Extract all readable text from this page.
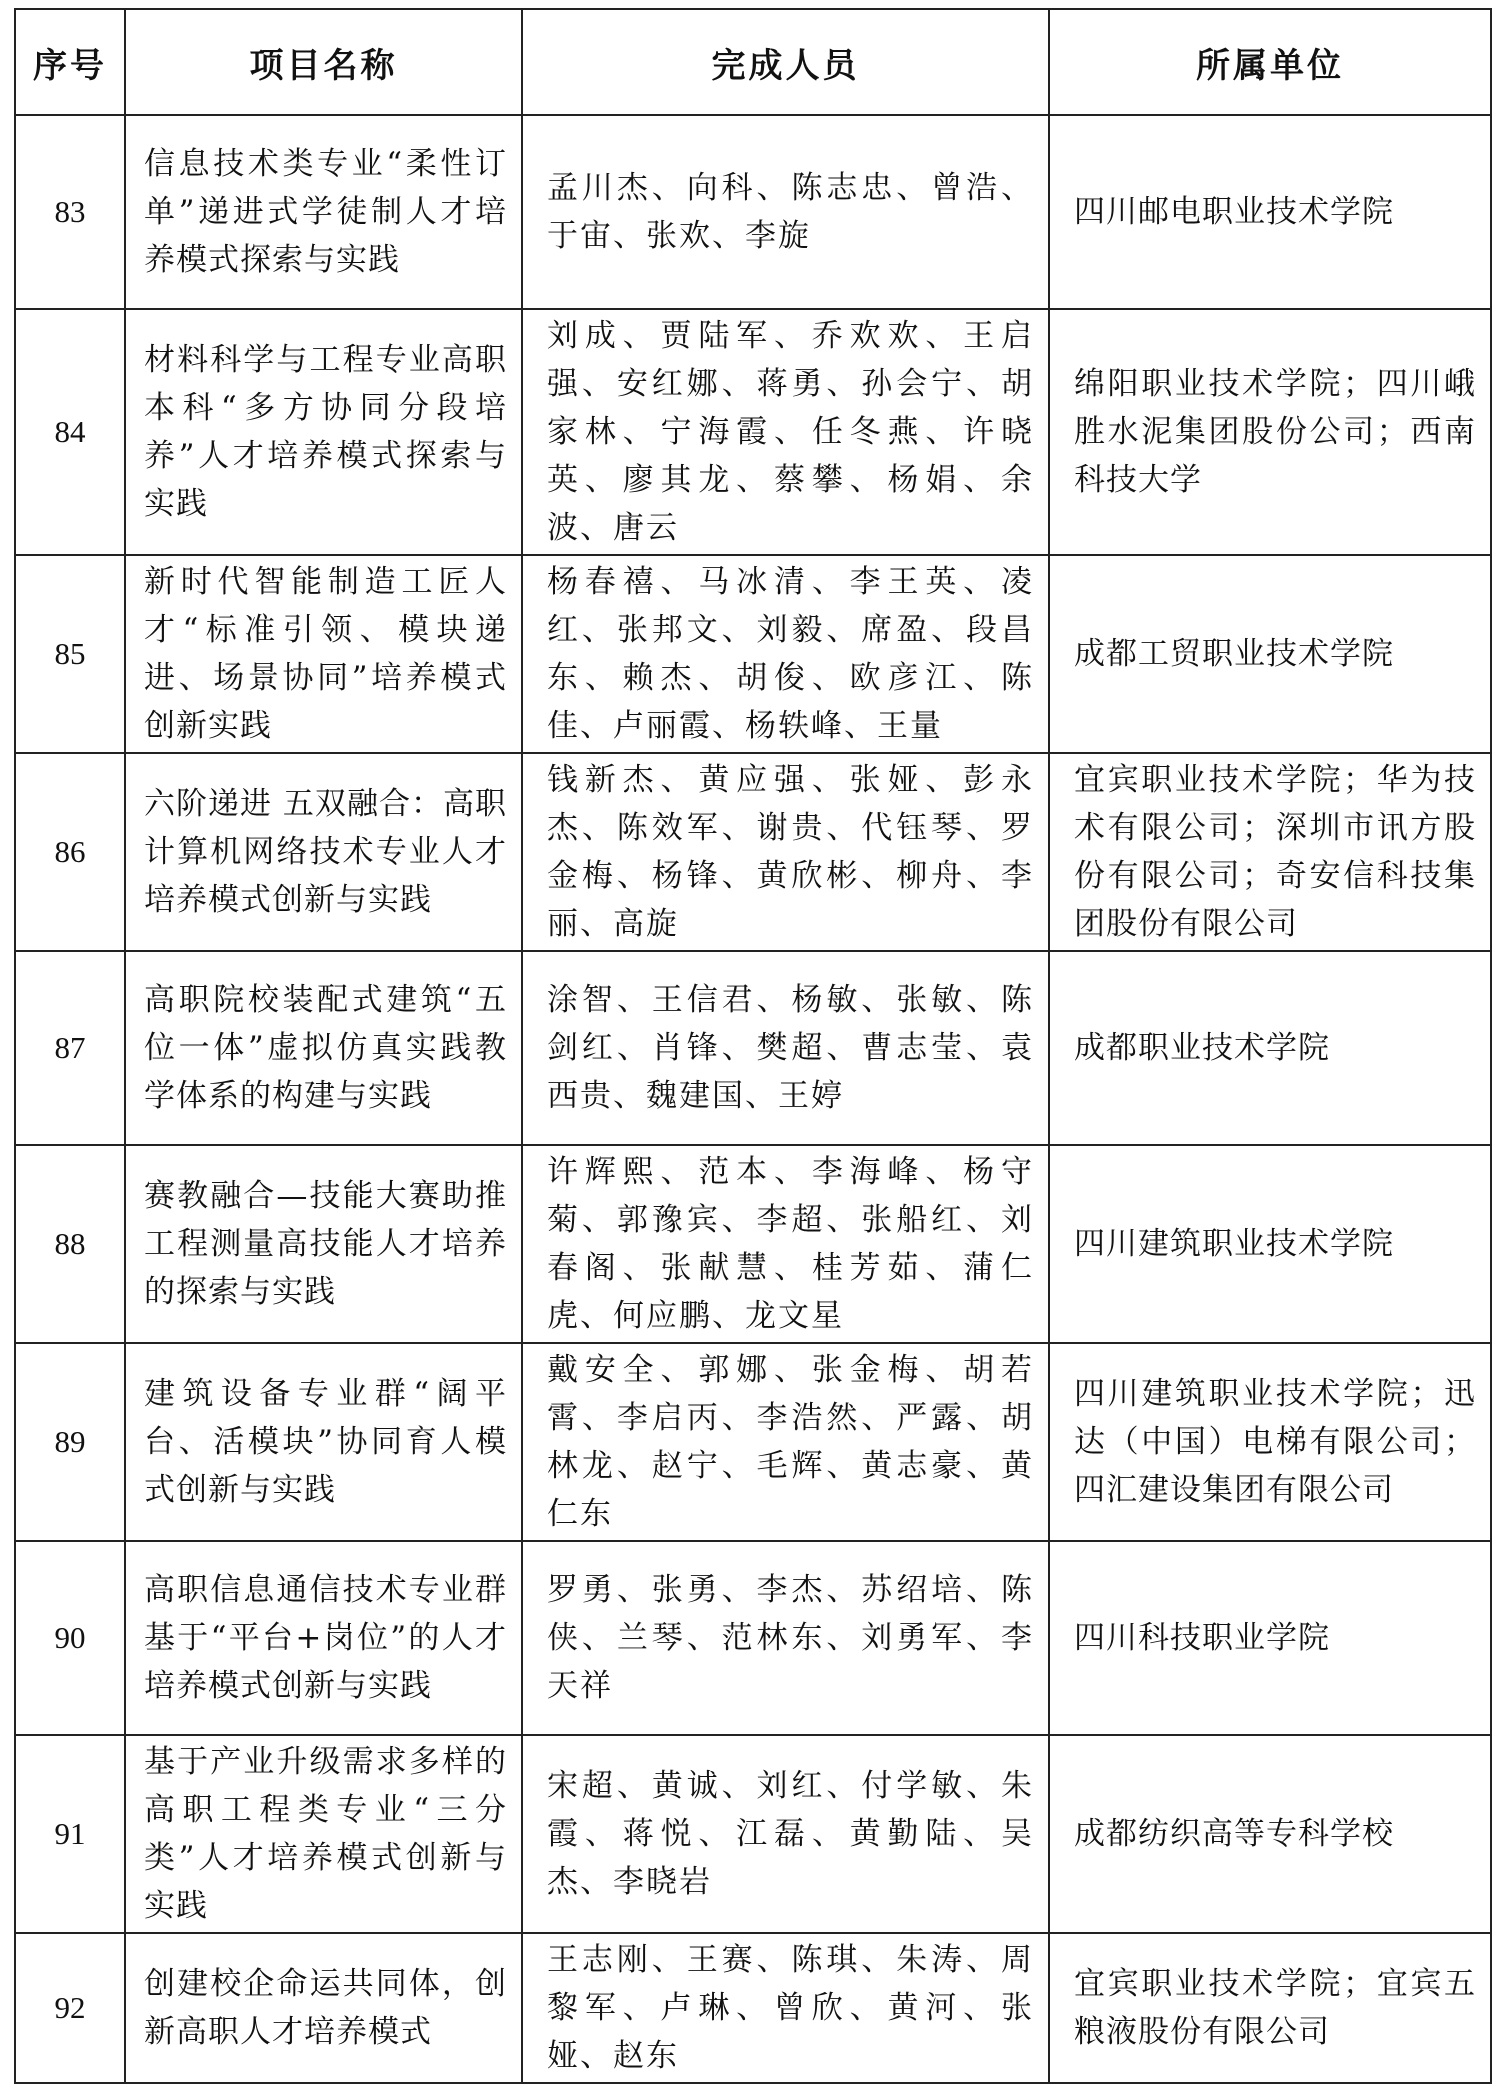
序号	项目名称	完成人员	所属单位
83	信息技术类专业“柔性订单”递进式学徒制人才培养模式探索与实践	孟川杰、向科、陈志忠、曾浩、于宙、张欢、李旋	四川邮电职业技术学院
84	材料科学与工程专业高职本科“多方协同分段培养”人才培养模式探索与实践	刘成、贾陆军、乔欢欢、王启强、安红娜、蒋勇、孙会宁、胡家林、宁海霞、任冬燕、许晓英、廖其龙、蔡攀、杨娟、余波、唐云	绵阳职业技术学院；四川峨胜水泥集团股份公司；西南科技大学
85	新时代智能制造工匠人才“标准引领、模块递进、场景协同”培养模式创新实践	杨春禧、马冰清、李王英、凌红、张邦文、刘毅、席盈、段昌东、赖杰、胡俊、欧彦江、陈佳、卢丽霞、杨轶峰、王量	成都工贸职业技术学院
86	六阶递进 五双融合：高职计算机网络技术专业人才培养模式创新与实践	钱新杰、黄应强、张娅、彭永杰、陈效军、谢贵、代钰琴、罗金梅、杨锋、黄欣彬、柳舟、李丽、高旋	宜宾职业技术学院；华为技术有限公司；深圳市讯方股份有限公司；奇安信科技集团股份有限公司
87	高职院校装配式建筑“五位一体”虚拟仿真实践教学体系的构建与实践	涂智、王信君、杨敏、张敏、陈剑红、肖锋、樊超、曹志莹、袁西贵、魏建国、王婷	成都职业技术学院
88	赛教融合—技能大赛助推工程测量高技能人才培养的探索与实践	许辉熙、范本、李海峰、杨守菊、郭豫宾、李超、张船红、刘春阁、张献慧、桂芳茹、蒲仁虎、何应鹏、龙文星	四川建筑职业技术学院
89	建筑设备专业群“阔平台、活模块”协同育人模式创新与实践	戴安全、郭娜、张金梅、胡若霄、李启丙、李浩然、严露、胡林龙、赵宁、毛辉、黄志豪、黄仁东	四川建筑职业技术学院；迅达（中国）电梯有限公司；四汇建设集团有限公司
90	高职信息通信技术专业群基于“平台+岗位”的人才培养模式创新与实践	罗勇、张勇、李杰、苏绍培、陈侠、兰琴、范林东、刘勇军、李天祥	四川科技职业学院
91	基于产业升级需求多样的高职工程类专业“三分类”人才培养模式创新与实践	宋超、黄诚、刘红、付学敏、朱霞、蒋悦、江磊、黄勤陆、吴杰、李晓岩	成都纺织高等专科学校
92	创建校企命运共同体，创新高职人才培养模式	王志刚、王赛、陈琪、朱涛、周黎军、卢琳、曾欣、黄河、张娅、赵东	宜宾职业技术学院；宜宾五粮液股份有限公司
